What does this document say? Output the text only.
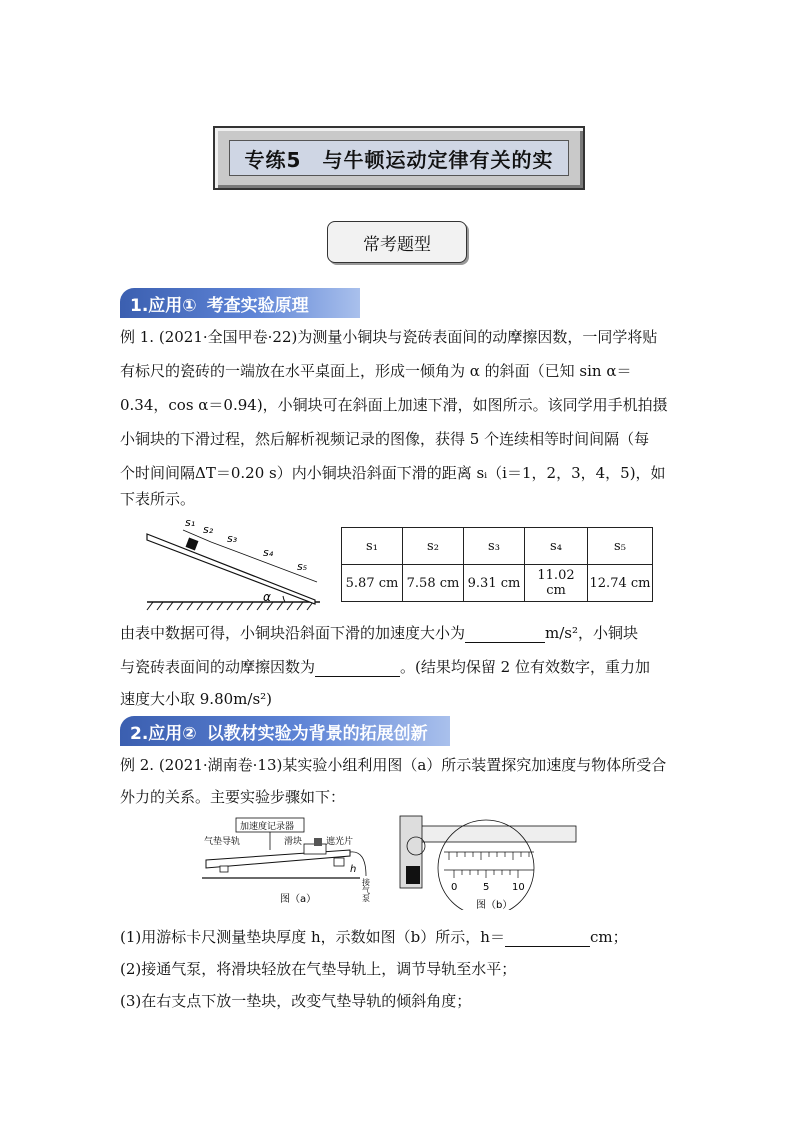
专练5　与牛顿运动定律有关的实
常考题型
1.应用① 考查实验原理
例 1. (2021·全国甲卷·22)为测量小铜块与瓷砖表面间的动摩擦因数，一同学将贴
有标尺的瓷砖的一端放在水平桌面上，形成一倾角为 α 的斜面（已知 sin α＝
0.34，cos α＝0.94)，小铜块可在斜面上加速下滑，如图所示。该同学用手机拍摄
小铜块的下滑过程，然后解析视频记录的图像，获得 5 个连续相等时间间隔（每
个时间间隔ΔT＝0.20 s）内小铜块沿斜面下滑的距离 sᵢ（i＝1，2，3，4，5)，如
下表所示。
s₁
s₂
s₃
s₄
s₅
α
s₁	s₂	s₃	s₄	s₅
5.87 cm	7.58 cm	9.31 cm	11.02 cm	12.74 cm
由表中数据可得，小铜块沿斜面下滑的加速度大小为	m/s²，小铜块
与瓷砖表面间的动摩擦因数为	。(结果均保留 2 位有效数字，重力加
速度大小取 9.80m/s²)
2.应用② 以教材实验为背景的拓展创新
例 2. (2021·湖南卷·13)某实验小组利用图（a）所示装置探究加速度与物体所受合
外力的关系。主要实验步骤如下：
加速度记录器
气垫导轨	滑块	遮光片
h
接气泵
图（a）
0	5 10
图（b）
(1)用游标卡尺测量垫块厚度 h，示数如图（b）所示，h＝	cm；
(2)接通气泵，将滑块轻放在气垫导轨上，调节导轨至水平；
(3)在右支点下放一垫块，改变气垫导轨的倾斜角度；
